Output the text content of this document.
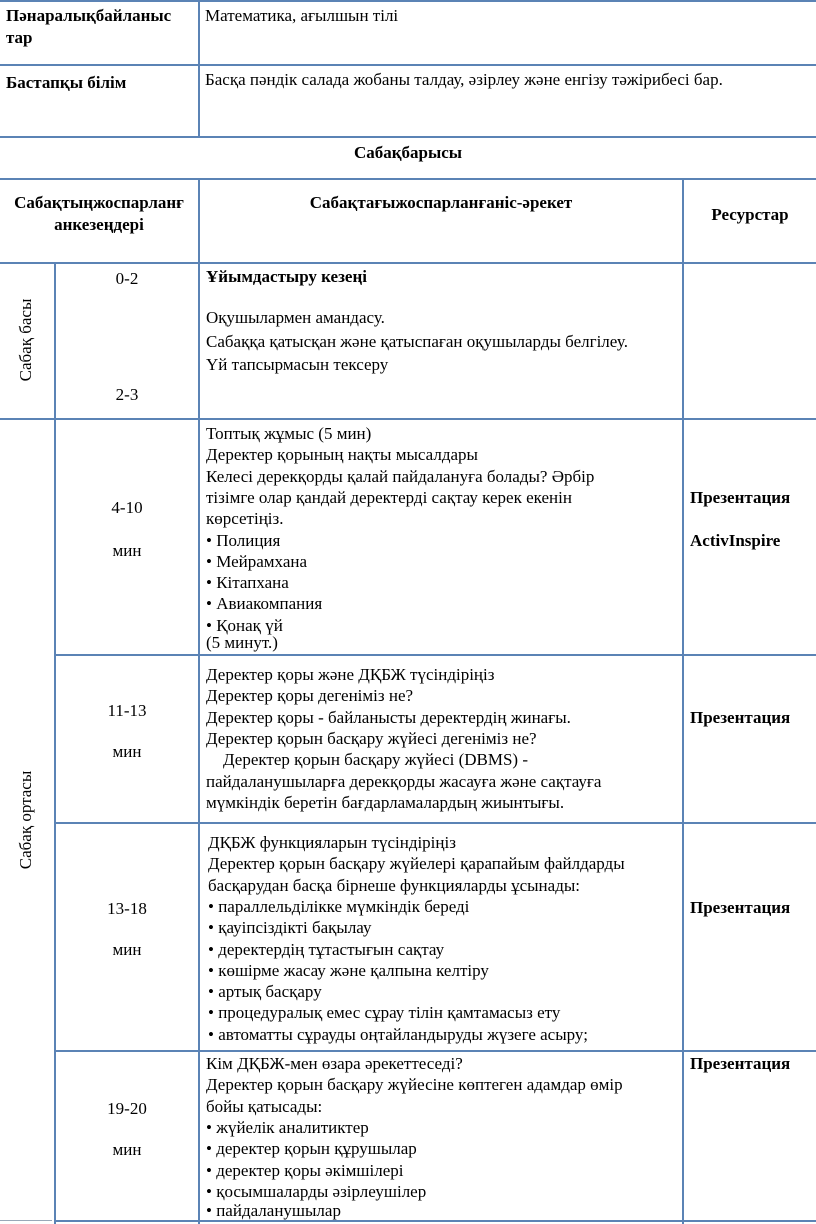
Пәнаралықбайланыс
тар
Математика, ағылшын тілі
Бастапқы білім	Басқа пәндік салада жобаны талдау, әзірлеу және енгізу тәжірибесі бар.
Сабақбарысы
Сабақтыңжоспарланғ
анкезеңдері
Сабақтағыжоспарланғаніс-әрекет
Ресурстар
Сабақ басы
Сабақ ортасы
0-2
2-3
Ұйымдастыру кезеңі
Оқушылармен амандасу.
Сабаққа қатысқан және қатыспаған оқушыларды белгілеу.
Үй тапсырмасын тексеру
4-10
мин
Топтық жұмыс (5 мин)
Деректер қорының нақты мысалдары
Келесі дерекқорды қалай пайдалануға болады? Әрбір
тізімге олар қандай деректерді сақтау керек екенін
көрсетіңіз.
• Полиция
• Мейрамхана
• Кітапхана
• Авиакомпания
• Қонақ үй
(5 минут.)
Презентация
ActivInspire
11-13
мин
Деректер қоры және ДҚБЖ түсіндіріңіз
Деректер қоры дегеніміз не?
Деректер қоры - байланысты деректердің жинағы.
Деректер қорын басқару жүйесі дегеніміз не?
Деректер қорын басқару жүйесі (DBMS) -
пайдаланушыларға дерекқорды жасауға және сақтауға
мүмкіндік беретін бағдарламалардың жиынтығы.
Презентация
13-18
мин
ДҚБЖ функцияларын түсіндіріңіз
Деректер қорын басқару жүйелері қарапайым файлдарды
басқарудан басқа бірнеше функцияларды ұсынады:
• параллельділікке мүмкіндік береді
• қауіпсіздікті бақылау
• деректердің тұтастығын сақтау
• көшірме жасау және қалпына келтіру
• артық басқару
• процедуралық емес сұрау тілін қамтамасыз ету
• автоматты сұрауды оңтайландыруды жүзеге асыру;
Презентация
19-20
мин
Кім ДҚБЖ-мен өзара әрекеттеседі?
Деректер қорын басқару жүйесіне көптеген адамдар өмір
бойы қатысады:
• жүйелік аналитиктер
• деректер қорын құрушылар
• деректер қоры әкімшілері
• қосымшаларды әзірлеушілер
• пайдаланушылар
Презентация
